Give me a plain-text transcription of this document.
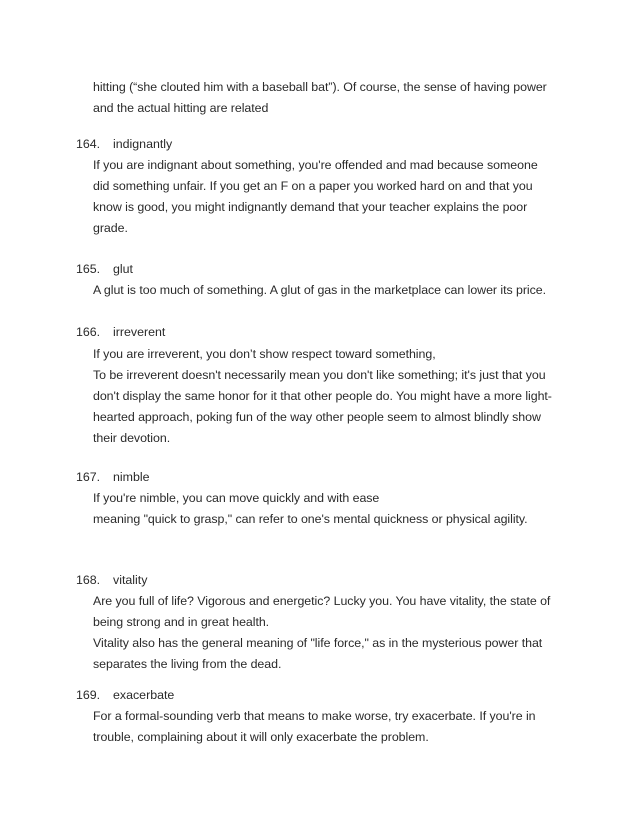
hitting (“she clouted him with a baseball bat”). Of course, the sense of having power
and the actual hitting are related
164. indignantly
If you are indignant about something, you're offended and mad because someone
did something unfair. If you get an F on a paper you worked hard on and that you
know is good, you might indignantly demand that your teacher explains the poor
grade.
165. glut
A glut is too much of something. A glut of gas in the marketplace can lower its price.
166. irreverent
If you are irreverent, you don’t show respect toward something,
To be irreverent doesn't necessarily mean you don't like something; it's just that you
don't display the same honor for it that other people do. You might have a more light-
hearted approach, poking fun of the way other people seem to almost blindly show
their devotion.
167. nimble
If you're nimble, you can move quickly and with ease
meaning "quick to grasp," can refer to one's mental quickness or physical agility.
168. vitality
Are you full of life? Vigorous and energetic? Lucky you. You have vitality, the state of
being strong and in great health.
Vitality also has the general meaning of "life force," as in the mysterious power that
separates the living from the dead.
169. exacerbate
For a formal-sounding verb that means to make worse, try exacerbate. If you're in
trouble, complaining about it will only exacerbate the problem.
